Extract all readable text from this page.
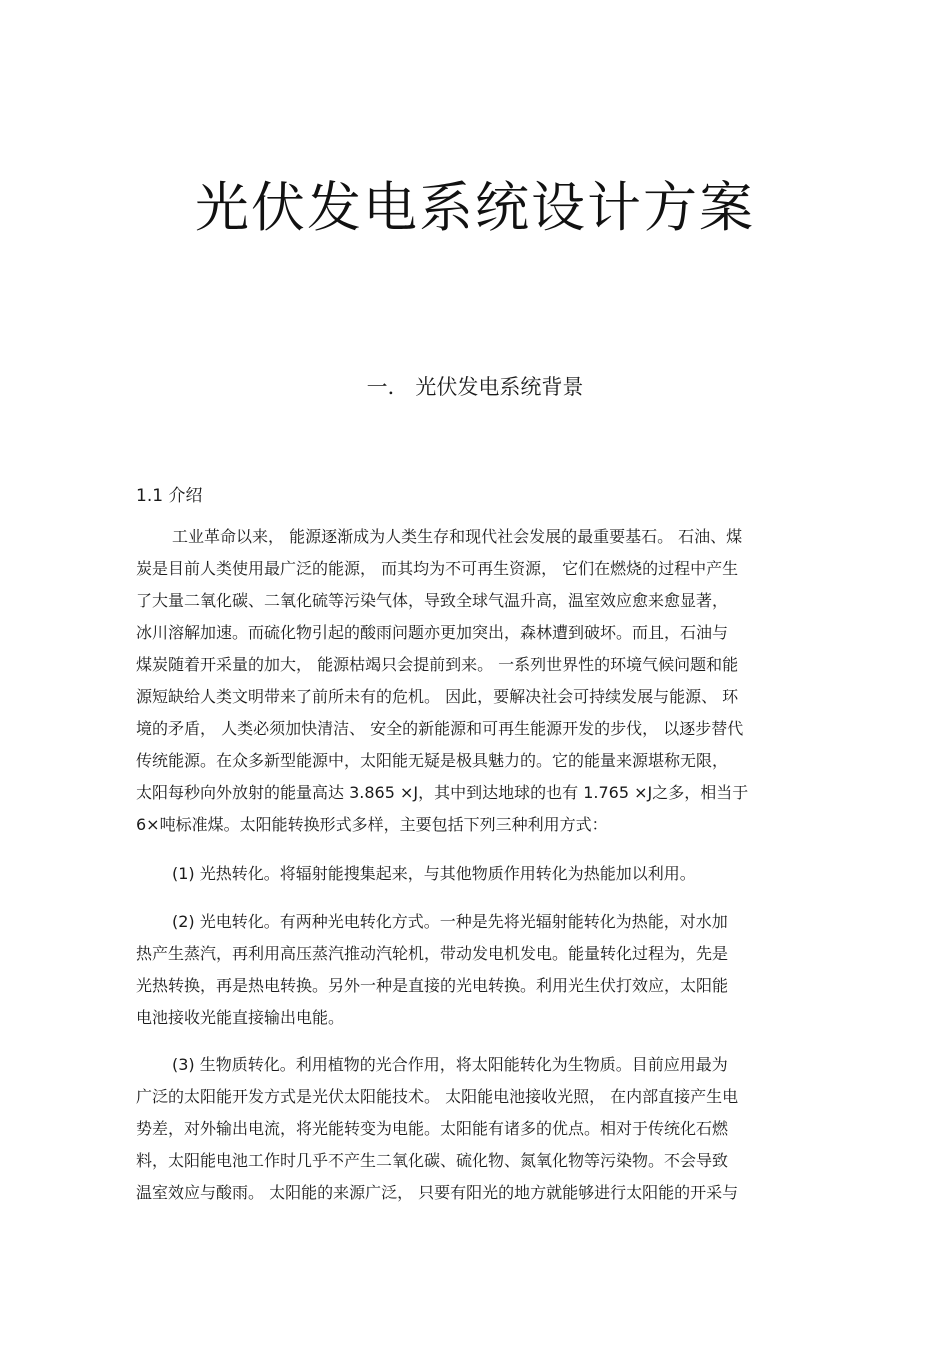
光伏发电系统设计方案
一． 光伏发电系统背景
1.1 介绍

工业革命以来， 能源逐渐成为人类生存和现代社会发展的最重要基石。 石油、煤
炭是目前人类使用最广泛的能源， 而其均为不可再生资源， 它们在燃烧的过程中产生
了大量二氧化碳、二氧化硫等污染气体，导致全球气温升高，温室效应愈来愈显著，
冰川溶解加速。而硫化物引起的酸雨问题亦更加突出，森林遭到破坏。而且，石油与
煤炭随着开采量的加大， 能源枯竭只会提前到来。 一系列世界性的环境气候问题和能
源短缺给人类文明带来了前所未有的危机。 因此，要解决社会可持续发展与能源、 环
境的矛盾， 人类必须加快清洁、 安全的新能源和可再生能源开发的步伐， 以逐步替代
传统能源。在众多新型能源中，太阳能无疑是极具魅力的。它的能量来源堪称无限，
太阳每秒向外放射的能量高达 3.865 ×J，其中到达地球的也有 1.765 ×J之多，相当于
6×吨标准煤。太阳能转换形式多样，主要包括下列三种利用方式：

(1) 光热转化。将辐射能搜集起来，与其他物质作用转化为热能加以利用。

(2) 光电转化。有两种光电转化方式。一种是先将光辐射能转化为热能，对水加
热产生蒸汽，再利用高压蒸汽推动汽轮机，带动发电机发电。能量转化过程为，先是
光热转换，再是热电转换。另外一种是直接的光电转换。利用光生伏打效应，太阳能
电池接收光能直接输出电能。

(3) 生物质转化。利用植物的光合作用，将太阳能转化为生物质。目前应用最为
广泛的太阳能开发方式是光伏太阳能技术。 太阳能电池接收光照， 在内部直接产生电
势差，对外输出电流，将光能转变为电能。太阳能有诸多的优点。相对于传统化石燃
料，太阳能电池工作时几乎不产生二氧化碳、硫化物、氮氧化物等污染物。不会导致
温室效应与酸雨。 太阳能的来源广泛， 只要有阳光的地方就能够进行太阳能的开采与
